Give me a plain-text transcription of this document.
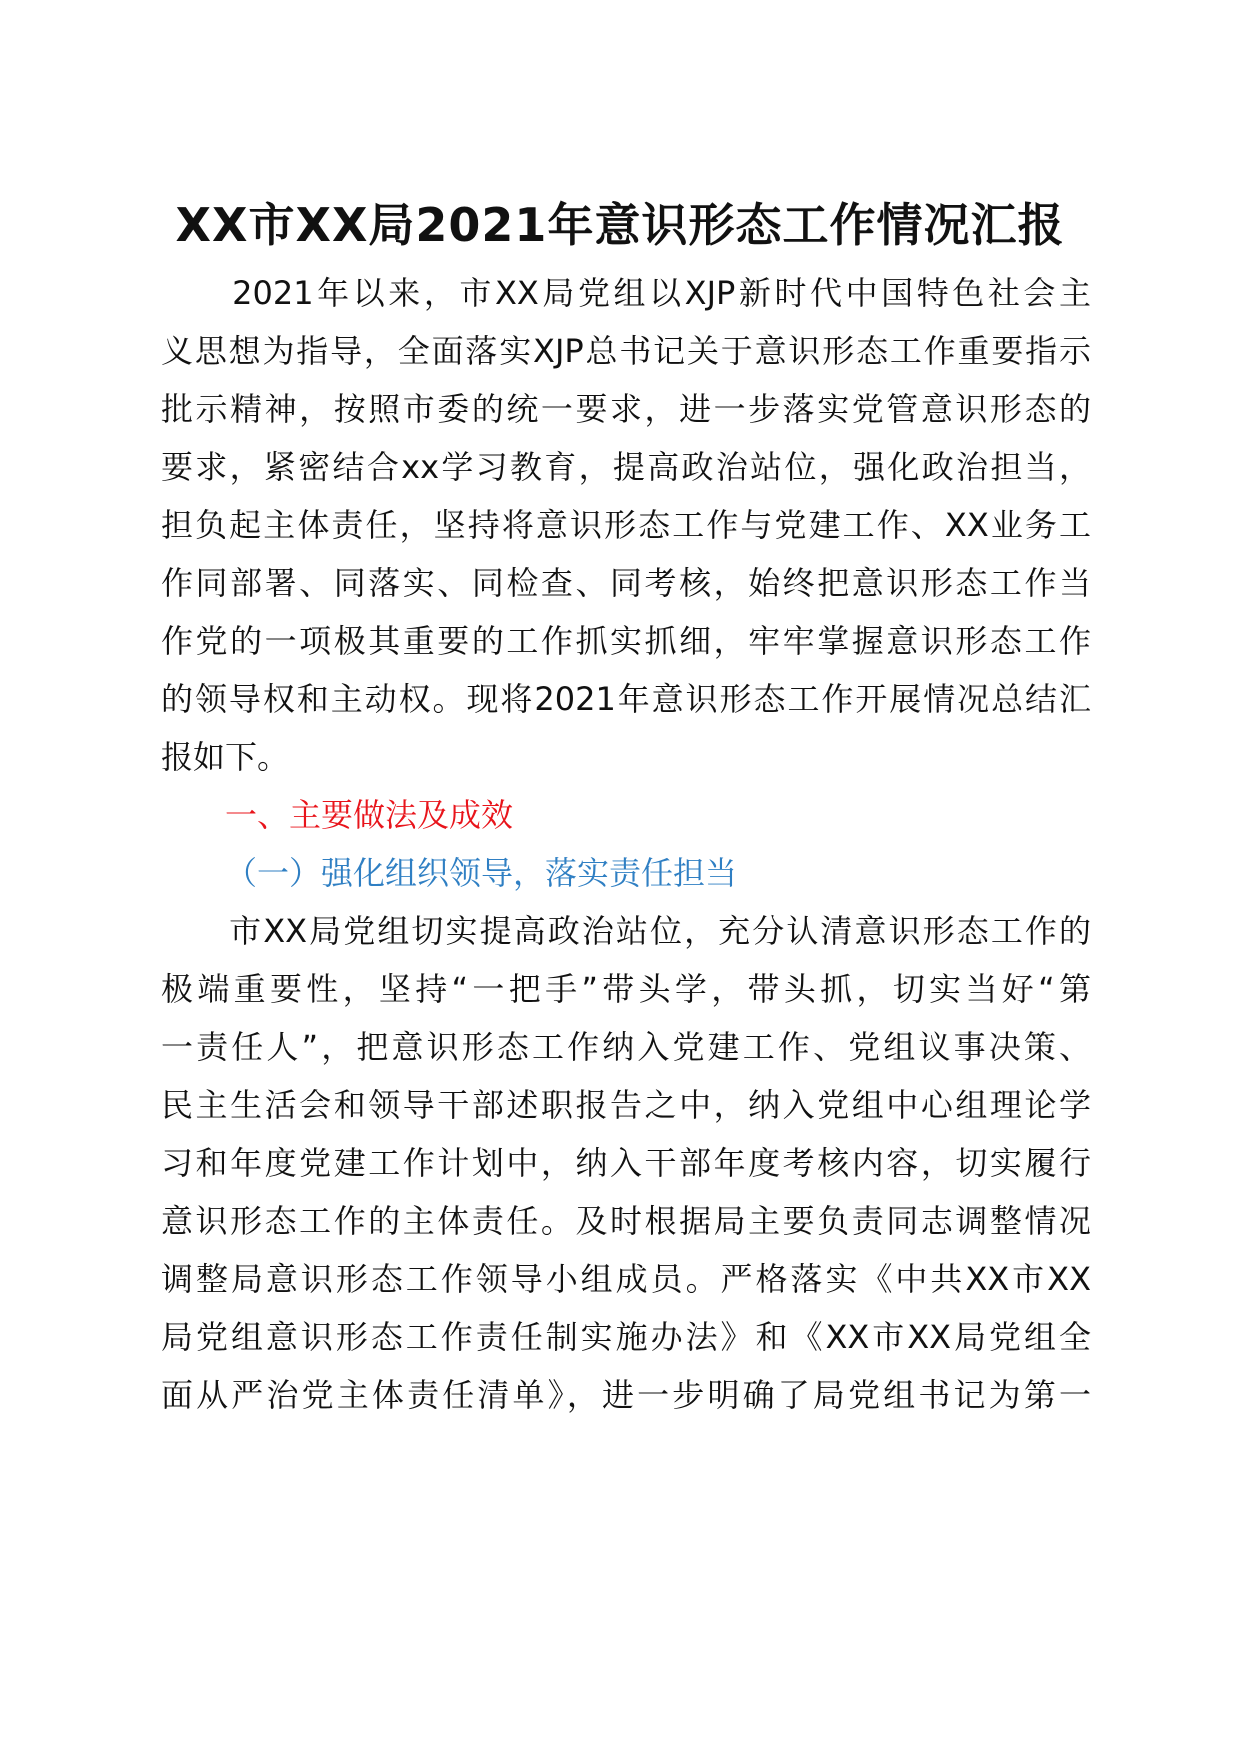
XX市XX局2021年意识形态工作情况汇报
　　2021年以来，市XX局党组以XJP新时代中国特色社会主
义思想为指导，全面落实XJP总书记关于意识形态工作重要指示
批示精神，按照市委的统一要求，进一步落实党管意识形态的
要求，紧密结合xx学习教育，提高政治站位，强化政治担当，
担负起主体责任，坚持将意识形态工作与党建工作、XX业务工
作同部署、同落实、同检查、同考核，始终把意识形态工作当
作党的一项极其重要的工作抓实抓细，牢牢掌握意识形态工作
的领导权和主动权。现将2021年意识形态工作开展情况总结汇
报如下。
一、主要做法及成效
（一）强化组织领导，落实责任担当
　　市XX局党组切实提高政治站位，充分认清意识形态工作的
极端重要性，坚持“一把手”带头学，带头抓，切实当好“第
一责任人”，把意识形态工作纳入党建工作、党组议事决策、
民主生活会和领导干部述职报告之中，纳入党组中心组理论学
习和年度党建工作计划中，纳入干部年度考核内容，切实履行
意识形态工作的主体责任。及时根据局主要负责同志调整情况
调整局意识形态工作领导小组成员。严格落实《中共XX市XX
局党组意识形态工作责任制实施办法》和《XX市XX局党组全
面从严治党主体责任清单》，进一步明确了局党组书记为第一
